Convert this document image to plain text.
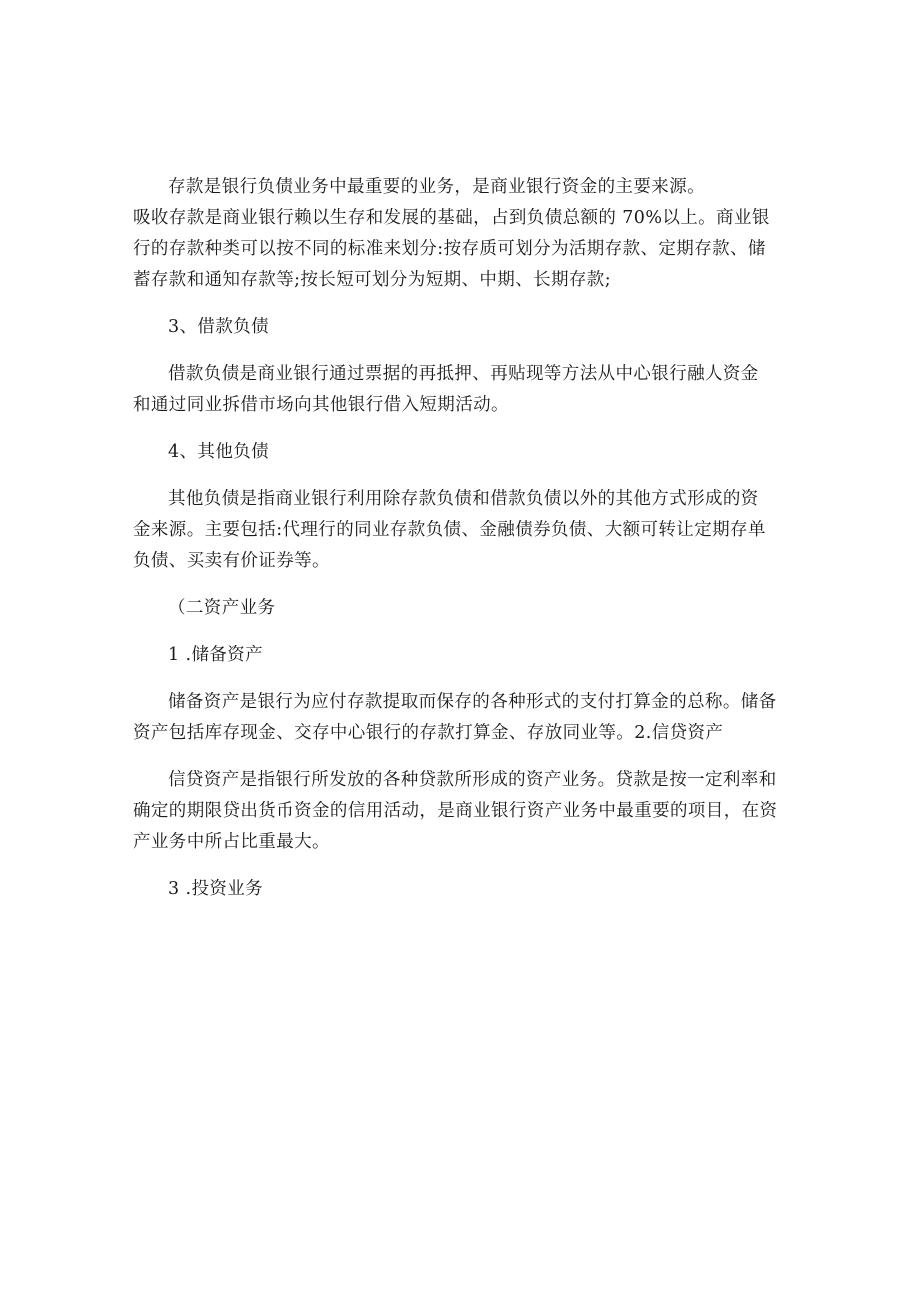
存款是银行负债业务中最重要的业务，是商业银行资金的主要来源。
吸收存款是商业银行赖以生存和发展的基础，占到负债总额的 70%以上。商业银
行的存款种类可以按不同的标准来划分:按存质可划分为活期存款、定期存款、储
蓄存款和通知存款等;按长短可划分为短期、中期、长期存款;
3、借款负债
借款负债是商业银行通过票据的再抵押、再贴现等方法从中心银行融人资金
和通过同业拆借市场向其他银行借入短期活动。
4、其他负债
其他负债是指商业银行利用除存款负债和借款负债以外的其他方式形成的资
金来源。主要包括:代理行的同业存款负债、金融债券负债、大额可转让定期存单
负债、买卖有价证券等。
（二资产业务
1 .储备资产
储备资产是银行为应付存款提取而保存的各种形式的支付打算金的总称。储备
资产包括库存现金、交存中心银行的存款打算金、存放同业等。2.信贷资产
信贷资产是指银行所发放的各种贷款所形成的资产业务。贷款是按一定利率和
确定的期限贷出货币资金的信用活动，是商业银行资产业务中最重要的项目，在资
产业务中所占比重最大。
3 .投资业务
